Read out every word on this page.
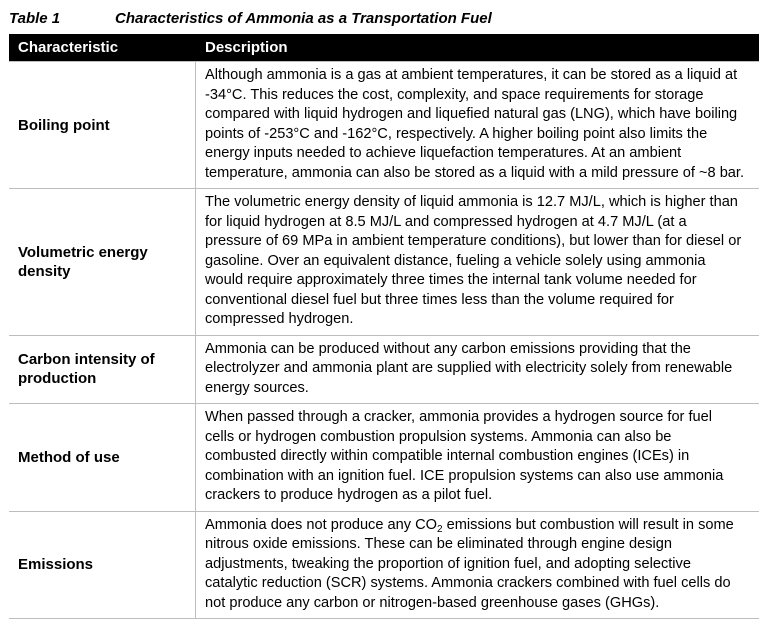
Table 1	Characteristics of Ammonia as a Transportation Fuel
Characteristic	Description
Boiling point
Although ammonia is a gas at ambient temperatures, it can be stored as a liquid at -34°C. This reduces the cost, complexity, and space requirements for storage compared with liquid hydrogen and liquefied natural gas (LNG), which have boiling points of -253°C and -162°C, respectively. A higher boiling point also limits the energy inputs needed to achieve liquefaction temperatures. At an ambient temperature, ammonia can also be stored as a liquid with a mild pressure of ~8 bar.
Volumetric energy density
The volumetric energy density of liquid ammonia is 12.7 MJ/L, which is higher than for liquid hydrogen at 8.5 MJ/L and compressed hydrogen at 4.7 MJ/L (at a pressure of 69 MPa in ambient temperature conditions), but lower than for diesel or gasoline. Over an equivalent distance, fueling a vehicle solely using ammonia would require approximately three times the internal tank volume needed for conventional diesel fuel but three times less than the volume required for compressed hydrogen.
Carbon intensity of production
Ammonia can be produced without any carbon emissions providing that the electrolyzer and ammonia plant are supplied with electricity solely from renewable energy sources.
Method of use
When passed through a cracker, ammonia provides a hydrogen source for fuel cells or hydrogen combustion propulsion systems. Ammonia can also be combusted directly within compatible internal combustion engines (ICEs) in combination with an ignition fuel. ICE propulsion systems can also use ammonia crackers to produce hydrogen as a pilot fuel.
Emissions
Ammonia does not produce any $CO_2$ emissions but combustion will result in some nitrous oxide emissions. These can be eliminated through engine design adjustments, tweaking the proportion of ignition fuel, and adopting selective catalytic reduction (SCR) systems. Ammonia crackers combined with fuel cells do not produce any carbon or nitrogen-based greenhouse gases (GHGs).
